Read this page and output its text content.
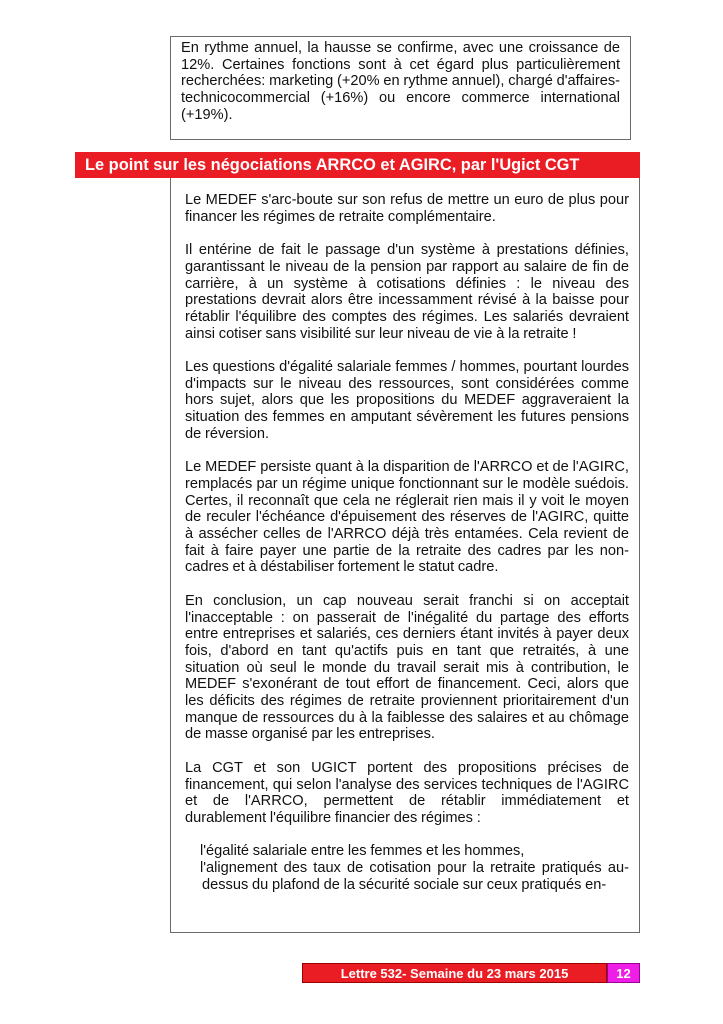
En rythme annuel, la hausse se confirme, avec une croissance de 12%. Certaines fonctions sont à cet égard plus particulièrement recherchées: marketing (+20% en rythme annuel), chargé d'affaires-technicocommercial (+16%) ou encore commerce international (+19%).

Le point sur les négociations ARRCO et AGIRC, par l'Ugict CGT

Le MEDEF s'arc-boute sur son refus de mettre un euro de plus pour financer les régimes de retraite complémentaire.

Il entérine de fait le passage d'un système à prestations définies, garantissant le niveau de la pension par rapport au salaire de fin de carrière, à un système à cotisations définies : le niveau des prestations devrait alors être incessamment révisé à la baisse pour rétablir l'équilibre des comptes des régimes. Les salariés devraient ainsi cotiser sans visibilité sur leur niveau de vie à la retraite !

Les questions d'égalité salariale femmes / hommes, pourtant lourdes d'impacts sur le niveau des ressources, sont considérées comme hors sujet, alors que les propositions du MEDEF aggraveraient la situation des femmes en amputant sévèrement les futures pensions de réversion.

Le MEDEF persiste quant à la disparition de l'ARRCO et de l'AGIRC, remplacés par un régime unique fonctionnant sur le modèle suédois. Certes, il reconnaît que cela ne réglerait rien mais il y voit le moyen de reculer l'échéance d'épuisement des réserves de l'AGIRC, quitte à assécher celles de l'ARRCO déjà très entamées. Cela revient de fait à faire payer une partie de la retraite des cadres par les non-cadres et à déstabiliser fortement le statut cadre.

En conclusion, un cap nouveau serait franchi si on acceptait l'inacceptable : on passerait de l'inégalité du partage des efforts entre entreprises et salariés, ces derniers étant invités à payer deux fois, d'abord en tant qu'actifs puis en tant que retraités, à une situation où seul le monde du travail serait mis à contribution, le MEDEF s'exonérant de tout effort de financement. Ceci, alors que les déficits des régimes de retraite proviennent prioritairement d'un manque de ressources du à la faiblesse des salaires et au chômage de masse organisé par les entreprises.

La CGT et son UGICT portent des propositions précises de financement, qui selon l'analyse des services techniques de l'AGIRC et de l'ARRCO, permettent de rétablir immédiatement et durablement l'équilibre financier des régimes :

l'égalité salariale entre les femmes et les hommes,

l'alignement des taux de cotisation pour la retraite pratiqués au-dessus du plafond de la sécurité sociale sur ceux pratiqués en-

Lettre 532- Semaine du 23 mars 2015	12
